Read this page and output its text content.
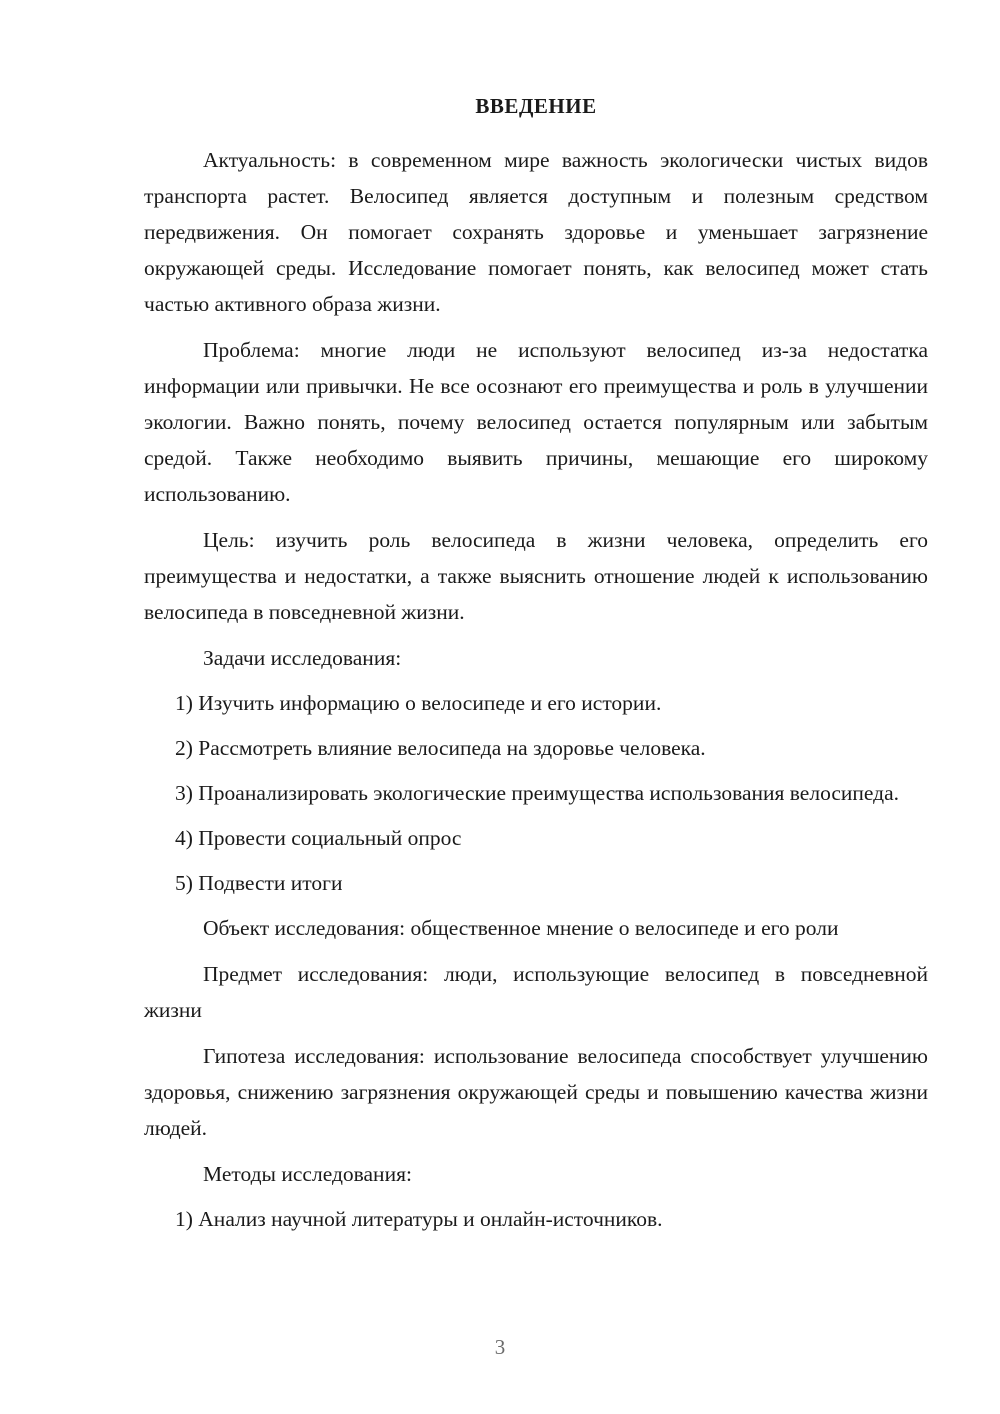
ВВЕДЕНИЕ

Актуальность: в современном мире важность экологически чистых видов транспорта растет. Велосипед является доступным и полезным средством передвижения. Он помогает сохранять здоровье и уменьшает загрязнение окружающей среды. Исследование помогает понять, как велосипед может стать частью активного образа жизни.

Проблема: многие люди не используют велосипед из-за недостатка информации или привычки. Не все осознают его преимущества и роль в улучшении экологии. Важно понять, почему велосипед остается популярным или забытым средой. Также необходимо выявить причины, мешающие его широкому использованию.

Цель: изучить роль велосипеда в жизни человека, определить его преимущества и недостатки, а также выяснить отношение людей к использованию велосипеда в повседневной жизни.

Задачи исследования:

1) Изучить информацию о велосипеде и его истории.

2) Рассмотреть влияние велосипеда на здоровье человека.

3) Проанализировать экологические преимущества использования велосипеда.

4) Провести социальный опрос

5) Подвести итоги

Объект исследования: общественное мнение о велосипеде и его роли

Предмет исследования: люди, использующие велосипед в повседневной жизни

Гипотеза исследования: использование велосипеда способствует улучшению здоровья, снижению загрязнения окружающей среды и повышению качества жизни людей.

Методы исследования:

1) Анализ научной литературы и онлайн-источников.

3
